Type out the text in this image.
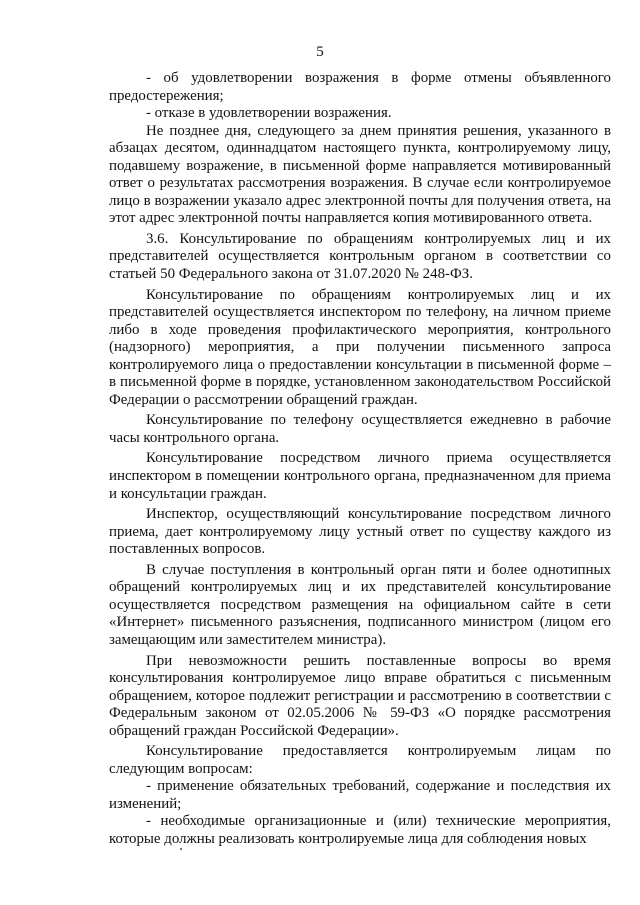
5

- об удовлетворении возражения в форме отмены объявленного предостережения;

- отказе в удовлетворении возражения.

Не позднее дня, следующего за днем принятия решения, указанного в абзацах десятом, одиннадцатом настоящего пункта, контролируемому лицу, подавшему возражение, в письменной форме направляется мотивированный ответ о результатах рассмотрения возражения. В случае если контролируемое лицо в возражении указало адрес электронной почты для получения ответа, на этот адрес электронной почты направляется копия мотивированного ответа.

3.6. Консультирование по обращениям контролируемых лиц и их представителей осуществляется контрольным органом в соответствии со статьей 50 Федерального закона от 31.07.2020 № 248-ФЗ.

Консультирование по обращениям контролируемых лиц и их представителей осуществляется инспектором по телефону, на личном приеме либо в ходе проведения профилактического мероприятия, контрольного (надзорного) мероприятия, а при получении письменного запроса контролируемого лица о предоставлении консультации в письменной форме – в письменной форме в порядке, установленном законодательством Российской Федерации о рассмотрении обращений граждан.

Консультирование по телефону осуществляется ежедневно в рабочие часы контрольного органа.

Консультирование посредством личного приема осуществляется инспектором в помещении контрольного органа, предназначенном для приема и консультации граждан.

Инспектор, осуществляющий консультирование посредством личного приема, дает контролируемому лицу устный ответ по существу каждого из поставленных вопросов.

В случае поступления в контрольный орган пяти и более однотипных обращений контролируемых лиц и их представителей консультирование осуществляется посредством размещения на официальном сайте в сети «Интернет» письменного разъяснения, подписанного министром (лицом его замещающим или заместителем министра).

При невозможности решить поставленные вопросы во время консультирования контролируемое лицо вправе обратиться с письменным обращением, которое подлежит регистрации и рассмотрению в соответствии с Федеральным законом от 02.05.2006 № 59-ФЗ «О порядке рассмотрения обращений граждан Российской Федерации».

Консультирование предоставляется контролируемым лицам по следующим вопросам:

- применение обязательных требований, содержание и последствия их изменений;

- необходимые организационные и (или) технические мероприятия, которые должны реализовать контролируемые лица для соблюдения новых
